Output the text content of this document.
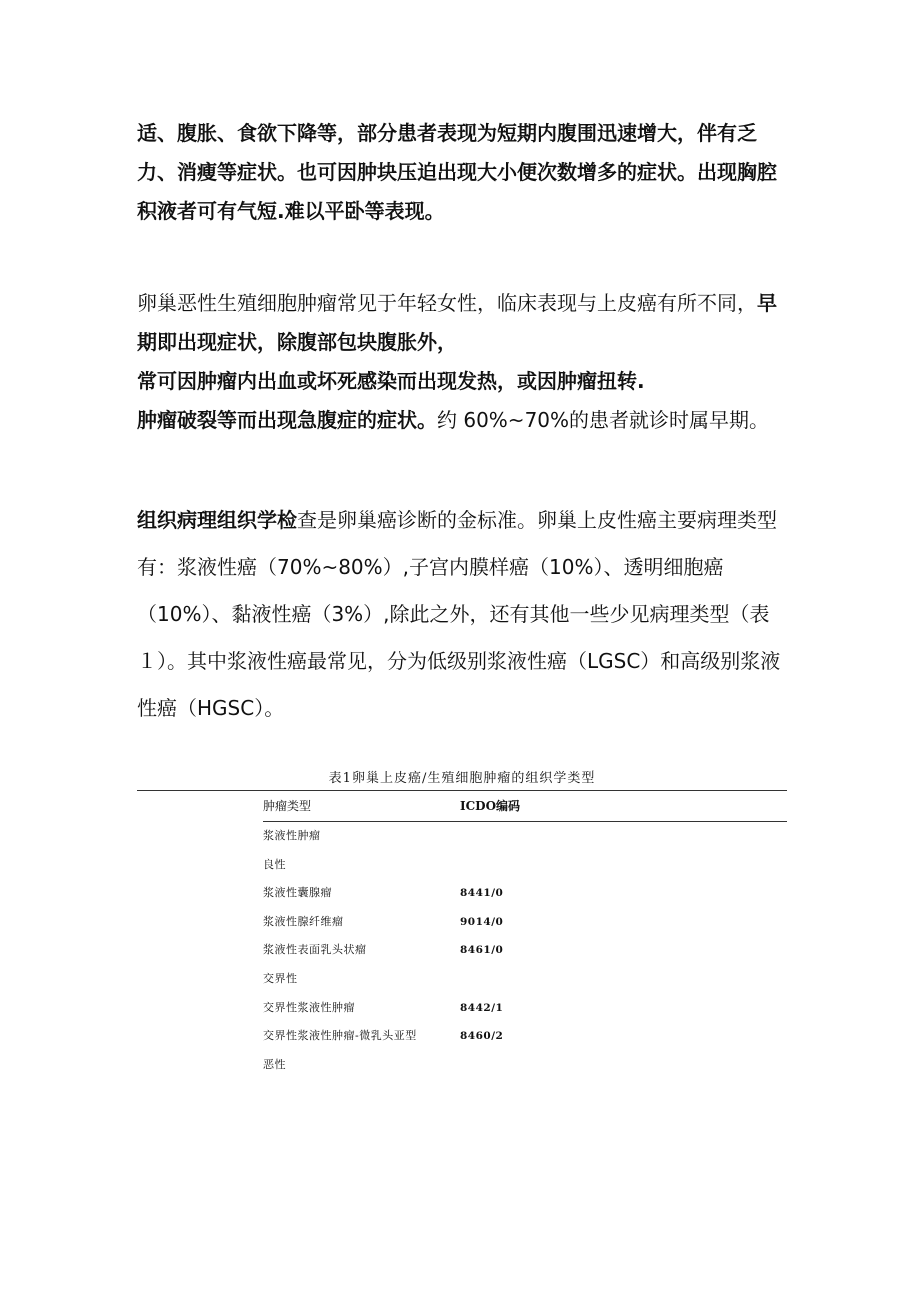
适、腹胀、食欲下降等，部分患者表现为短期内腹围迅速增大，伴有乏力、消瘦等症状。也可因肿块压迫出现大小便次数增多的症状。出现胸腔积液者可有气短.难以平卧等表现。

卵巢恶性生殖细胞肿瘤常见于年轻女性，临床表现与上皮癌有所不同，早期即出现症状，除腹部包块腹胀外，
常可因肿瘤内出血或坏死感染而出现发热，或因肿瘤扭转.
肿瘤破裂等而出现急腹症的症状。约 60%~70%的患者就诊时属早期。

组织病理组织学检查是卵巢癌诊断的金标准。卵巢上皮性癌主要病理类型有：浆液性癌（70%~80%）,子宫内膜样癌（10%）、透明细胞癌（10%）、黏液性癌（3%）,除此之外，还有其他一些少见病理类型（表１）。其中浆液性癌最常见，分为低级别浆液性癌（LGSC）和高级别浆液性癌（HGSC）。

表1卵巢上皮癌/生殖细胞肿瘤的组织学类型
肿瘤类型	ICDO编码
浆液性肿瘤
良性
浆液性囊腺瘤	8441/0
浆液性腺纤维瘤	9014/0
浆液性表面乳头状瘤	8461/0
交界性
交界性浆液性肿瘤	8442/1
交界性浆液性肿瘤-微乳头亚型	8460/2
恶性
